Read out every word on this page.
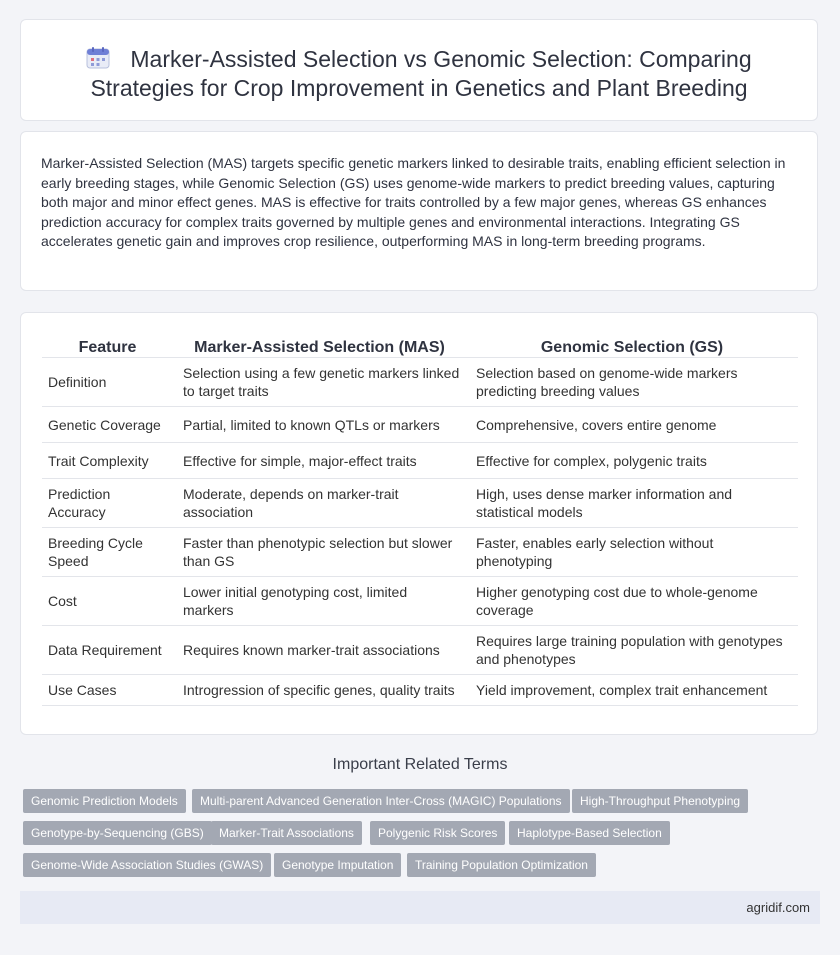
Marker-Assisted Selection vs Genomic Selection: Comparing
Strategies for Crop Improvement in Genetics and Plant Breeding

Marker-Assisted Selection (MAS) targets specific genetic markers linked to desirable traits, enabling efficient selection in early breeding stages, while Genomic Selection (GS) uses genome-wide markers to predict breeding values, capturing both major and minor effect genes. MAS is effective for traits controlled by a few major genes, whereas GS enhances prediction accuracy for complex traits governed by multiple genes and environmental interactions. Integrating GS accelerates genetic gain and improves crop resilience, outperforming MAS in long-term breeding programs.

Feature	Marker-Assisted Selection (MAS)	Genomic Selection (GS)
Definition	Selection using a few genetic markers linked to target traits	Selection based on genome-wide markers predicting breeding values
Genetic Coverage	Partial, limited to known QTLs or markers	Comprehensive, covers entire genome
Trait Complexity	Effective for simple, major-effect traits	Effective for complex, polygenic traits
Prediction Accuracy	Moderate, depends on marker-trait association	High, uses dense marker information and statistical models
Breeding Cycle Speed	Faster than phenotypic selection but slower than GS	Faster, enables early selection without phenotyping
Cost	Lower initial genotyping cost, limited markers	Higher genotyping cost due to whole-genome coverage
Data Requirement	Requires known marker-trait associations	Requires large training population with genotypes and phenotypes
Use Cases	Introgression of specific genes, quality traits	Yield improvement, complex trait enhancement
Important Related Terms
Genomic Prediction Models	Multi-parent Advanced Generation Inter-Cross (MAGIC) Populations	High-Throughput Phenotyping
Genotype-by-Sequencing (GBS)	Marker-Trait Associations	Polygenic Risk Scores	Haplotype-Based Selection
Genome-Wide Association Studies (GWAS)	Genotype Imputation	Training Population Optimization
agridif.com
